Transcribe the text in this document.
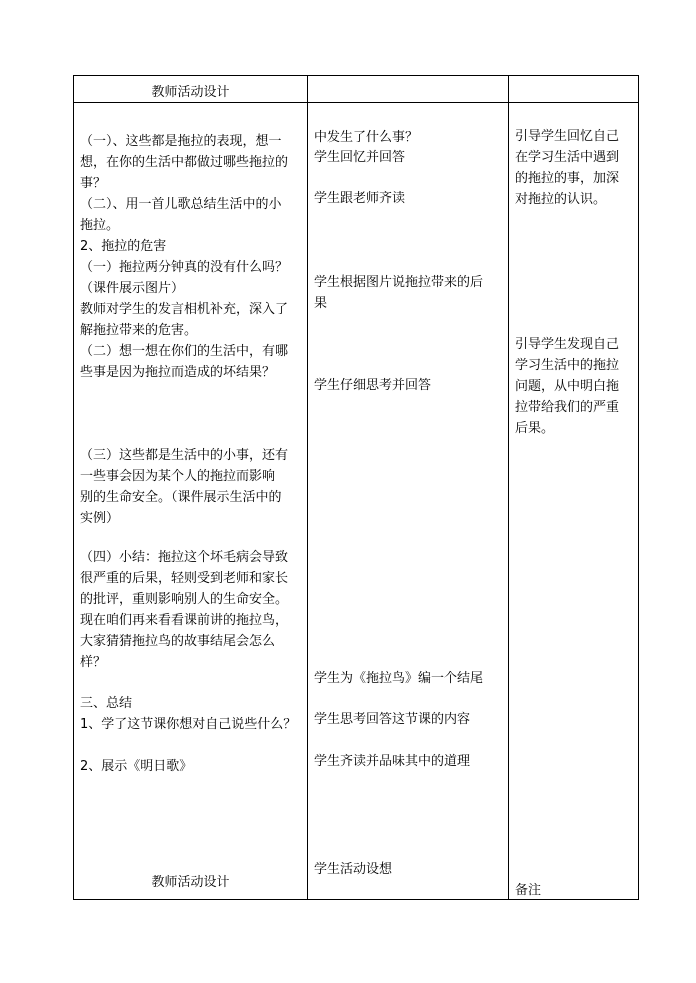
教师活动设计
（一）、这些都是拖拉的表现，想一
想，在你的生活中都做过哪些拖拉的
事？
（二）、用一首儿歌总结生活中的小
拖拉。
2、拖拉的危害
（一）拖拉两分钟真的没有什么吗？
（课件展示图片）
教师对学生的发言相机补充，深入了
解拖拉带来的危害。
（二）想一想在你们的生活中，有哪
些事是因为拖拉而造成的坏结果？
（三）这些都是生活中的小事，还有
一些事会因为某个人的拖拉而影响
别的生命安全。（课件展示生活中的
实例）
（四）小结：拖拉这个坏毛病会导致
很严重的后果，轻则受到老师和家长
的批评，重则影响别人的生命安全。
现在咱们再来看看课前讲的拖拉鸟，
大家猜猜拖拉鸟的故事结尾会怎么
样？
三、总结
1、学了这节课你想对自己说些什么？
2、展示《明日歌》
中发生了什么事？
学生回忆并回答
学生跟老师齐读
学生根据图片说拖拉带来的后
果
学生仔细思考并回答
学生为《拖拉鸟》编一个结尾
学生思考回答这节课的内容
学生齐读并品味其中的道理
引导学生回忆自己
在学习生活中遇到
的拖拉的事，加深
对拖拉的认识。
引导学生发现自己
学习生活中的拖拉
问题，从中明白拖
拉带给我们的严重
后果。
教师活动设计
学生活动设想
备注
